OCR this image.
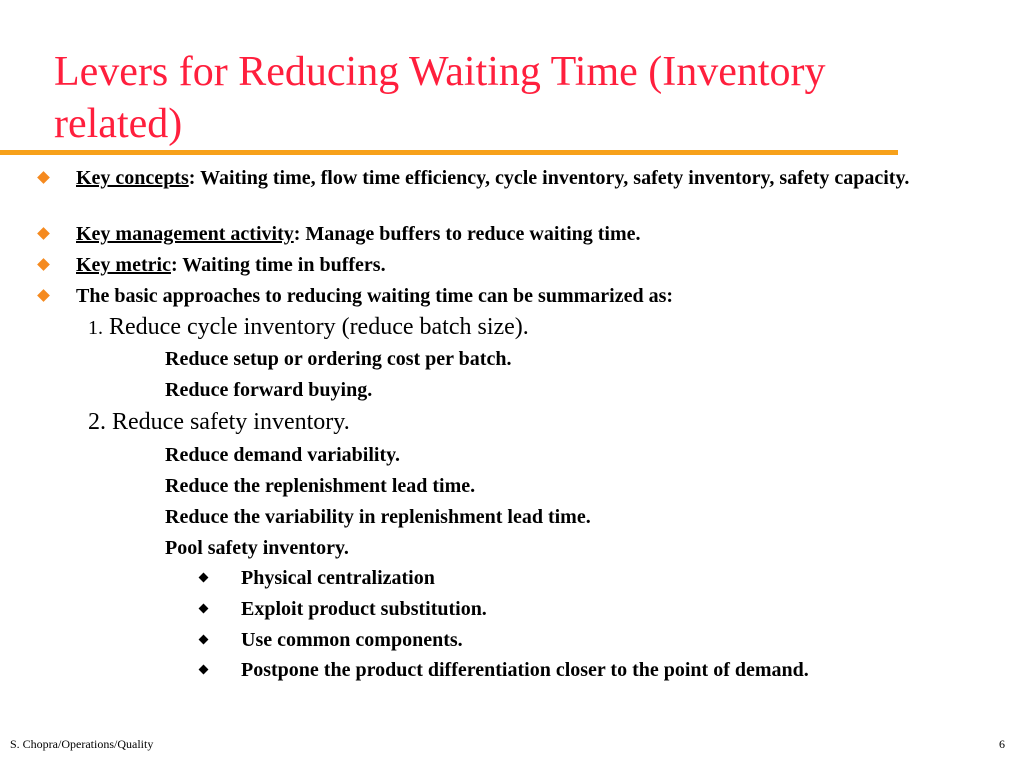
Levers for Reducing Waiting Time (Inventory related)
Key concepts: Waiting time, flow time efficiency, cycle inventory, safety inventory, safety capacity.
Key management activity: Manage buffers to reduce waiting time.
Key metric: Waiting time in buffers.
The basic approaches to reducing waiting time can be summarized as:
1. Reduce cycle inventory (reduce batch size).
Reduce setup or ordering cost per batch.
Reduce forward buying.
2. Reduce safety inventory.
Reduce demand variability.
Reduce the replenishment lead time.
Reduce the variability in replenishment lead time.
Pool safety inventory.
Physical centralization
Exploit product substitution.
Use common components.
Postpone the product differentiation closer to the point of demand.
S. Chopra/Operations/Quality	6
